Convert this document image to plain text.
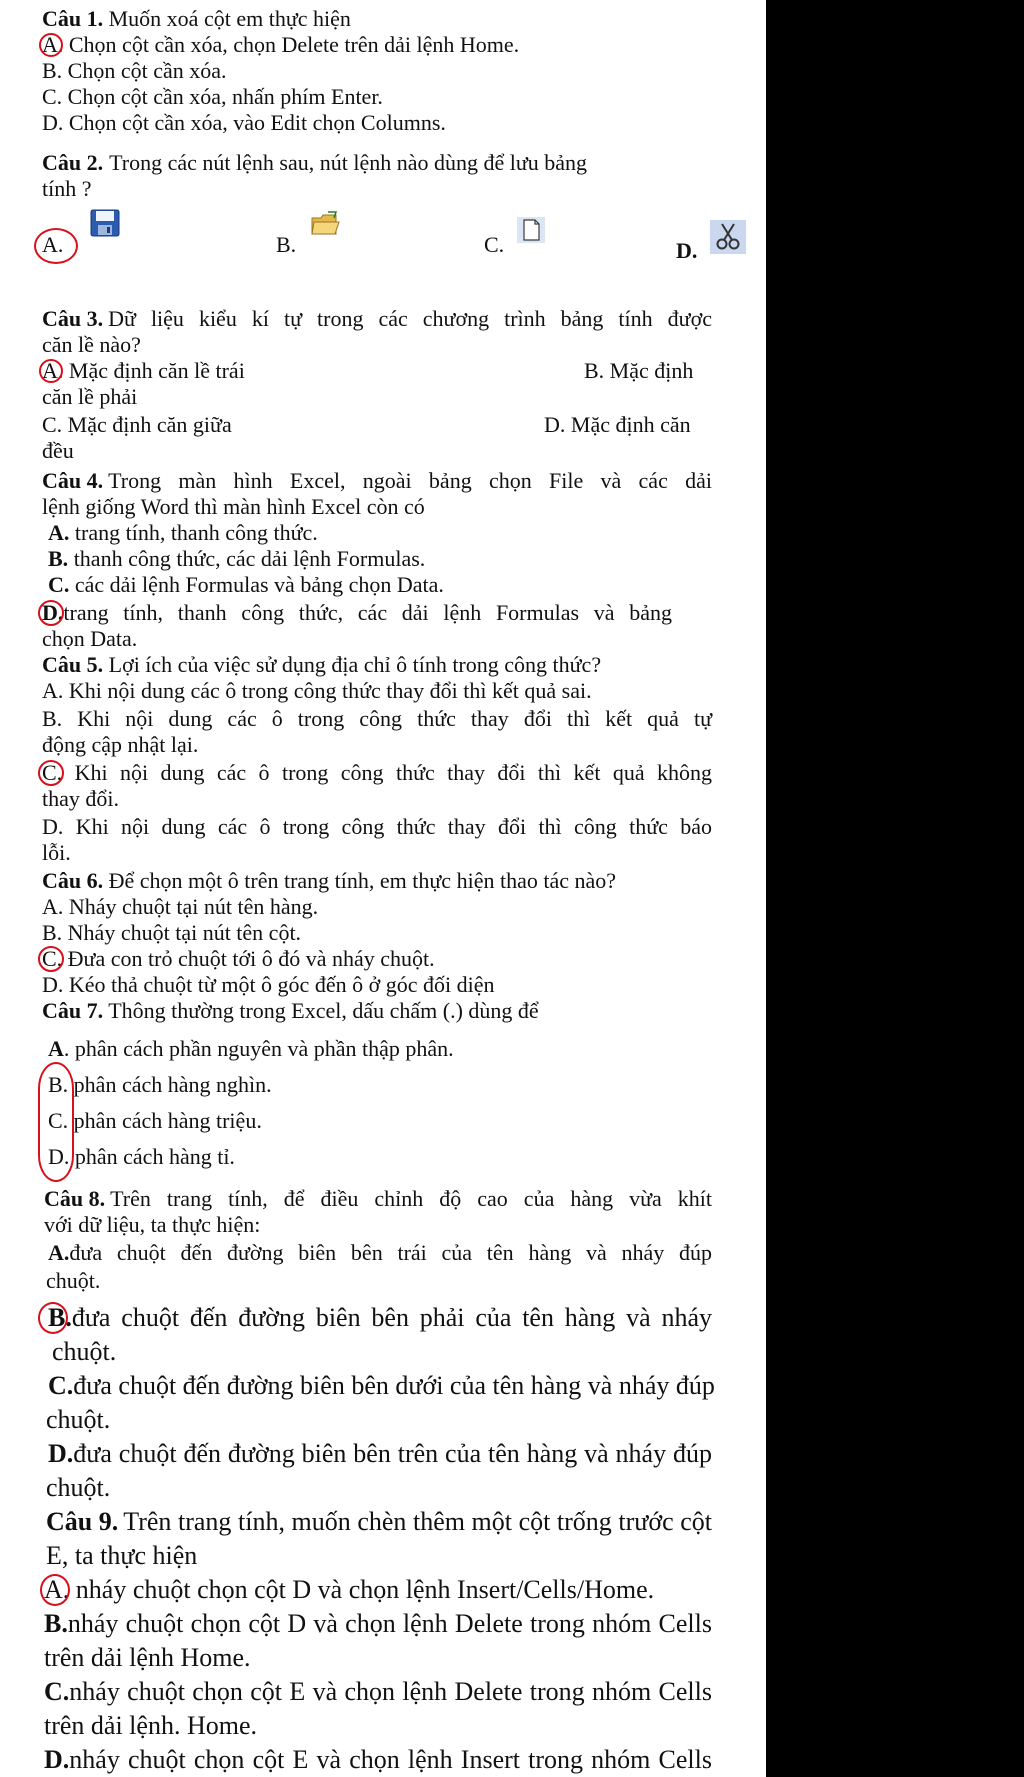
Câu 1. Muốn xoá cột em thực hiện
A. Chọn cột cần xóa, chọn Delete trên dải lệnh Home.
B. Chọn cột cần xóa.
C. Chọn cột cần xóa, nhấn phím Enter.
D. Chọn cột cần xóa, vào Edit chọn Columns.
Câu 2. Trong các nút lệnh sau, nút lệnh nào dùng để lưu bảng
tính ?
A.	B.	C.	D.
Câu 3. Dữ liệu kiểu kí tự trong các chương trình bảng tính được
căn lề nào?
A. Mặc định căn lề trái	B. Mặc định
căn lề phải
C. Mặc định căn giữa	D. Mặc định căn
đều
Câu 4. Trong màn hình Excel, ngoài bảng chọn File và các dải
lệnh giống Word thì màn hình Excel còn có
A. trang tính, thanh công thức.
B. thanh công thức, các dải lệnh Formulas.
C. các dải lệnh Formulas và bảng chọn Data.
D. trang tính, thanh công thức, các dải lệnh Formulas và bảng
chọn Data.
Câu 5. Lợi ích của việc sử dụng địa chỉ ô tính trong công thức?
A. Khi nội dung các ô trong công thức thay đổi thì kết quả sai.
B. Khi nội dung các ô trong công thức thay đổi thì kết quả tự
động cập nhật lại.
C. Khi nội dung các ô trong công thức thay đổi thì kết quả không
thay đổi.
D. Khi nội dung các ô trong công thức thay đổi thì công thức báo
lỗi.
Câu 6. Để chọn một ô trên trang tính, em thực hiện thao tác nào?
A. Nháy chuột tại nút tên hàng.
B. Nháy chuột tại nút tên cột.
C. Đưa con trỏ chuột tới ô đó và nháy chuột.
D. Kéo thả chuột từ một ô góc đến ô ở góc đối diện
Câu 7. Thông thường trong Excel, dấu chấm (.) dùng để
A. phân cách phần nguyên và phần thập phân.
B. phân cách hàng nghìn.
C. phân cách hàng triệu.
D. phân cách hàng tỉ.
Câu 8. Trên trang tính, để điều chỉnh độ cao của hàng vừa khít
với dữ liệu, ta thực hiện:
A. đưa chuột đến đường biên bên trái của tên hàng và nháy đúp
chuột.
B. đưa chuột đến đường biên bên phải của tên hàng và nháy
chuột.
C. đưa chuột đến đường biên bên dưới của tên hàng và nháy đúp
chuột.
D. đưa chuột đến đường biên bên trên của tên hàng và nháy đúp
chuột.
Câu 9. Trên trang tính, muốn chèn thêm một cột trống trước cột
E, ta thực hiện
A. nháy chuột chọn cột D và chọn lệnh Insert/Cells/Home.
B. nháy chuột chọn cột D và chọn lệnh Delete trong nhóm Cells
trên dải lệnh Home.
C. nháy chuột chọn cột E và chọn lệnh Delete trong nhóm Cells
trên dải lệnh. Home.
D. nháy chuột chọn cột E và chọn lệnh Insert trong nhóm Cells
